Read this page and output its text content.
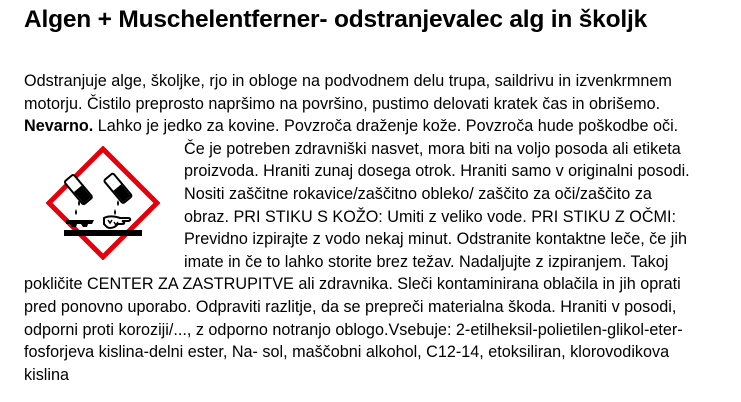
Algen + Muschelentferner- odstranjevalec alg in školjk
Odstranjuje alge, školjke, rjo in obloge na podvodnem delu trupa, saildrivu in izvenkrmnem
motorju. Čistilo preprosto napršimo na površino, pustimo delovati kratek čas in obrišemo.
Nevarno. Lahko je jedko za kovine. Povzroča draženje kože. Povzroča hude poškodbe oči.
Če je potreben zdravniški nasvet, mora biti na voljo posoda ali etiketa
proizvoda. Hraniti zunaj dosega otrok. Hraniti samo v originalni posodi.
Nositi zaščitne rokavice/zaščitno obleko/ zaščito za oči/zaščito za
obraz. PRI STIKU S KOŽO: Umiti z veliko vode. PRI STIKU Z OČMI:
Previdno izpirajte z vodo nekaj minut. Odstranite kontaktne leče, če jih
imate in če to lahko storite brez težav. Nadaljujte z izpiranjem. Takoj
pokličite CENTER ZA ZASTRUPITVE ali zdravnika. Sleči kontaminirana oblačila in jih oprati
pred ponovno uporabo. Odpraviti razlitje, da se prepreči materialna škoda. Hraniti v posodi,
odporni proti koroziji/..., z odporno notranjo oblogo.Vsebuje: 2-etilheksil-polietilen-glikol-eter-
fosforjeva kislina-delni ester, Na- sol, maščobni alkohol, C12-14, etoksiliran, klorovodikova
kislina
